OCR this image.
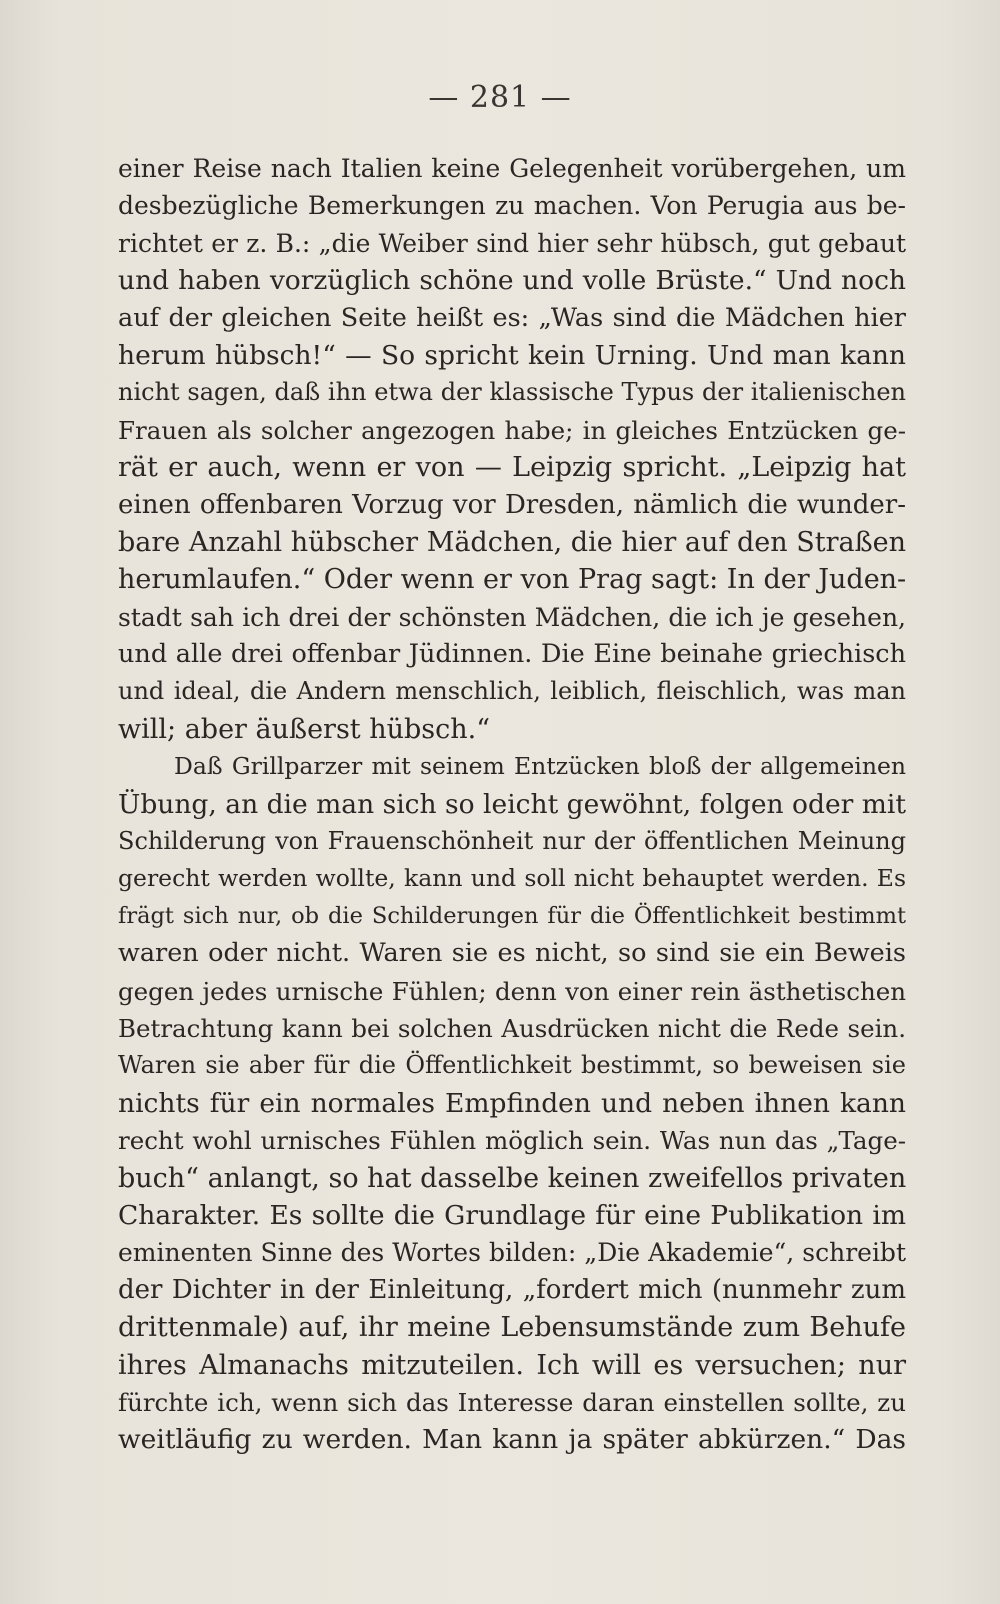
— 281 —
einer Reise nach Italien keine Gelegenheit vorübergehen, um
desbezügliche Bemerkungen zu machen. Von Perugia aus be-
richtet er z. B.: „die Weiber sind hier sehr hübsch, gut gebaut
und haben vorzüglich schöne und volle Brüste.“ Und noch
auf der gleichen Seite heißt es: „Was sind die Mädchen hier
herum hübsch!“ — So spricht kein Urning. Und man kann
nicht sagen, daß ihn etwa der klassische Typus der italienischen
Frauen als solcher angezogen habe; in gleiches Entzücken ge-
rät er auch, wenn er von — Leipzig spricht. „Leipzig hat
einen offenbaren Vorzug vor Dresden, nämlich die wunder-
bare Anzahl hübscher Mädchen, die hier auf den Straßen
herumlaufen.“ Oder wenn er von Prag sagt: In der Juden-
stadt sah ich drei der schönsten Mädchen, die ich je gesehen,
und alle drei offenbar Jüdinnen. Die Eine beinahe griechisch
und ideal, die Andern menschlich, leiblich, fleischlich, was man
will; aber äußerst hübsch.“
Daß Grillparzer mit seinem Entzücken bloß der allgemeinen
Übung, an die man sich so leicht gewöhnt, folgen oder mit
Schilderung von Frauenschönheit nur der öffentlichen Meinung
gerecht werden wollte, kann und soll nicht behauptet werden. Es
frägt sich nur, ob die Schilderungen für die Öffentlichkeit bestimmt
waren oder nicht. Waren sie es nicht, so sind sie ein Beweis
gegen jedes urnische Fühlen; denn von einer rein ästhetischen
Betrachtung kann bei solchen Ausdrücken nicht die Rede sein.
Waren sie aber für die Öffentlichkeit bestimmt, so beweisen sie
nichts für ein normales Empfinden und neben ihnen kann
recht wohl urnisches Fühlen möglich sein. Was nun das „Tage-
buch“ anlangt, so hat dasselbe keinen zweifellos privaten
Charakter. Es sollte die Grundlage für eine Publikation im
eminenten Sinne des Wortes bilden: „Die Akademie“, schreibt
der Dichter in der Einleitung, „fordert mich (nunmehr zum
drittenmale) auf, ihr meine Lebensumstände zum Behufe
ihres Almanachs mitzuteilen. Ich will es versuchen; nur
fürchte ich, wenn sich das Interesse daran einstellen sollte, zu
weitläufig zu werden. Man kann ja später abkürzen.“ Das
